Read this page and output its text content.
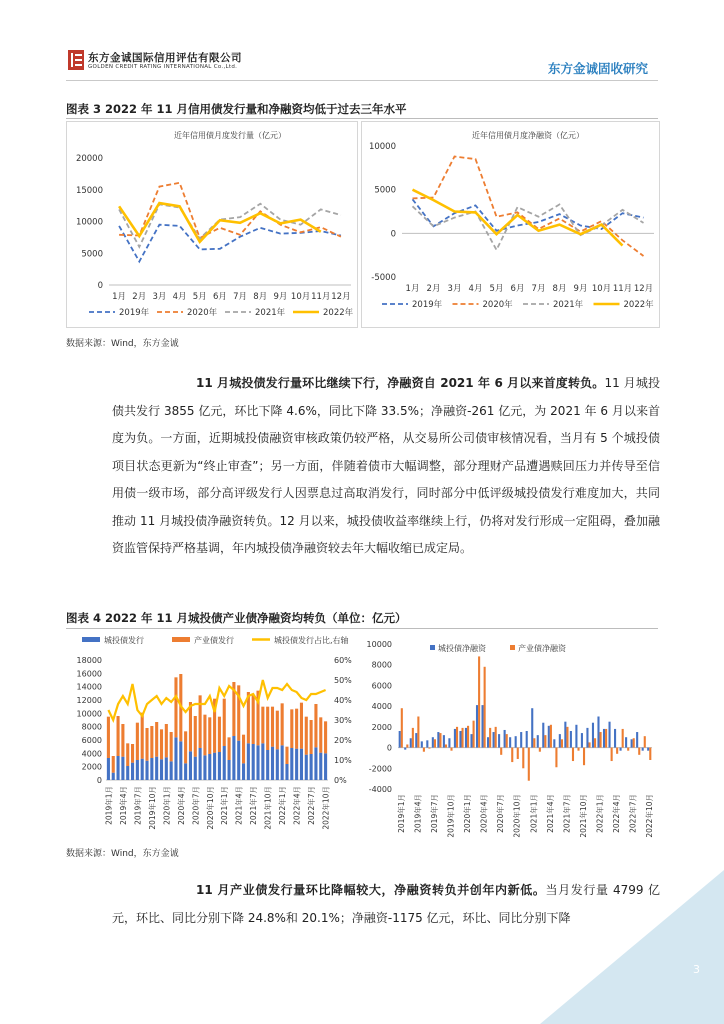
东方金诚国际信用评估有限公司
GOLDEN CREDIT RATING INTERNATIONAL Co.,Ltd.	东方金诚固收研究
图表 3 2022 年 11 月信用债发行量和净融资均低于过去三年水平
近年信用债月度发行量（亿元）
0
5000
10000
15000
20000
1月 2月 3月 4月 5月 6月 7月 8月 9月 10月 11月 12月
2019年	2020年	2021年	2022年
近年信用债月度净融资（亿元）
-5000
0
5000
10000
1月 2月 3月 4月 5月 6月 7月 8月 9月 10月 11月 12月
2019年	2020年	2021年	2022年
数据来源：Wind，东方金诚
11 月城投债发行量环比继续下行，净融资自 2021 年 6 月以来首度转负。11 月城投债共发行 3855 亿元，环比下降 4.6%，同比下降 33.5%；净融资-261 亿元，为 2021 年 6 月以来首度为负。一方面，近期城投债融资审核政策仍较严格，从交易所公司债审核情况看，当月有 5 个城投债项目状态更新为“终止审查”；另一方面，伴随着债市大幅调整，部分理财产品遭遇赎回压力并传导至信用债一级市场，部分高评级发行人因票息过高取消发行，同时部分中低评级城投债发行难度加大，共同推动 11 月城投债净融资转负。12 月以来，城投债收益率继续上行，仍将对发行形成一定阻碍，叠加融资监管保持严格基调，年内城投债净融资较去年大幅收缩已成定局。
图表 4 2022 年 11 月城投债产业债净融资均转负（单位：亿元）
城投债发行	产业债发行	城投债发行占比,右轴
0
2000
4000
6000
8000
10000
12000
14000
16000
18000
0%
10%
20%
30%
40%
50%
60%
2019年1月 2019年4月 2019年7月 2019年10月 2020年1月 2020年4月 2020年7月 2020年10月 2021年1月 2021年4月 2021年7月 2021年10月 2022年1月 2022年4月 2022年7月 2022年10月
城投债净融资	产业债净融资
-4000
-2000
0
2000
4000
6000
8000
10000
2019年1月 2019年4月 2019年7月 2019年10月 2020年1月 2020年4月 2020年7月 2020年10月 2021年1月 2021年4月 2021年7月 2021年10月 2022年1月 2022年4月 2022年7月 2022年10月
数据来源：Wind，东方金诚
11 月产业债发行量环比降幅较大，净融资转负并创年内新低。当月发行量 4799 亿元，环比、同比分别下降 24.8%和 20.1%；净融资-1175 亿元，环比、同比分别下降
3
